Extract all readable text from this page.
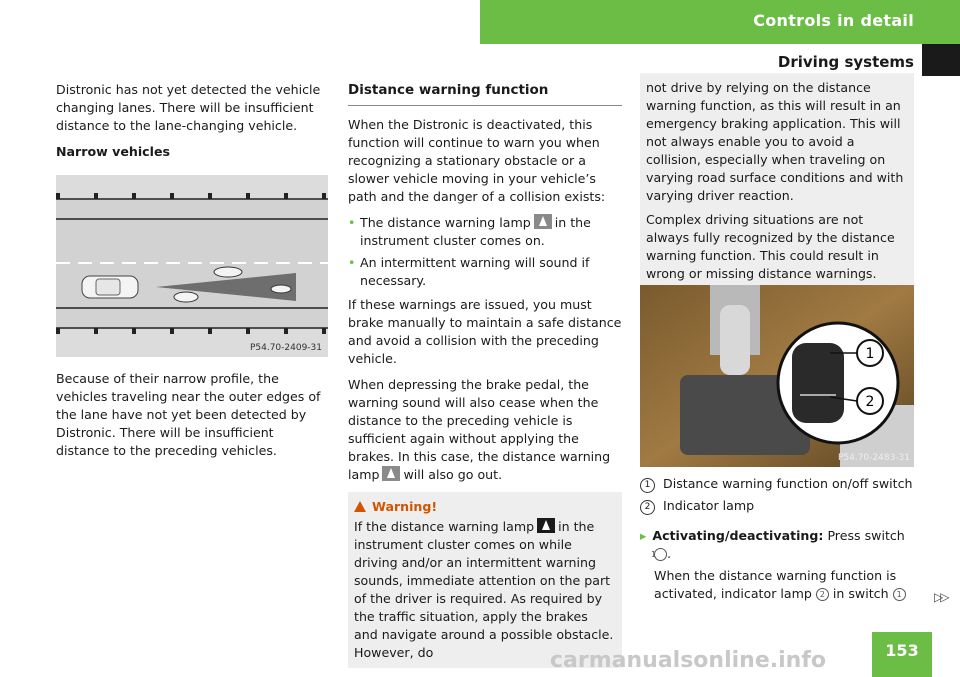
Controls in detail
Driving systems

Distronic has not yet detected the vehicle changing lanes. There will be insufficient distance to the lane-changing vehicle.

Narrow vehicles

P54.70-2409-31

Because of their narrow profile, the vehicles traveling near the outer edges of the lane have not yet been detected by Distronic. There will be insufficient distance to the preceding vehicles.

Distance warning function

When the Distronic is deactivated, this function will continue to warn you when recognizing a stationary obstacle or a slower vehicle moving in your vehicle’s path and the danger of a collision exists:

• The distance warning lamp in the instrument cluster comes on.
• An intermittent warning will sound if necessary.

If these warnings are issued, you must brake manually to maintain a safe distance and avoid a collision with the preceding vehicle.

When depressing the brake pedal, the warning sound will also cease when the distance to the preceding vehicle is sufficient again without applying the brakes. In this case, the distance warning lamp will also go out.

Warning!
If the distance warning lamp in the instrument cluster comes on while driving and/or an intermittent warning sounds, immediate attention on the part of the driver is required. As required by the traffic situation, apply the brakes and navigate around a possible obstacle. However, do

not drive by relying on the distance warning function, as this will result in an emergency braking application. This will not always enable you to avoid a collision, especially when traveling on varying road surface conditions and with varying driver reaction.

Complex driving situations are not always fully recognized by the distance warning function. This could result in wrong or missing distance warnings.

1
2
P54.70-2483-31

1 Distance warning function on/off switch

2 Indicator lamp

▸ Activating/deactivating: Press switch 1 .

When the distance warning function is activated, indicator lamp 2 in switch 1	▷▷
carmanualsonline.info	153
